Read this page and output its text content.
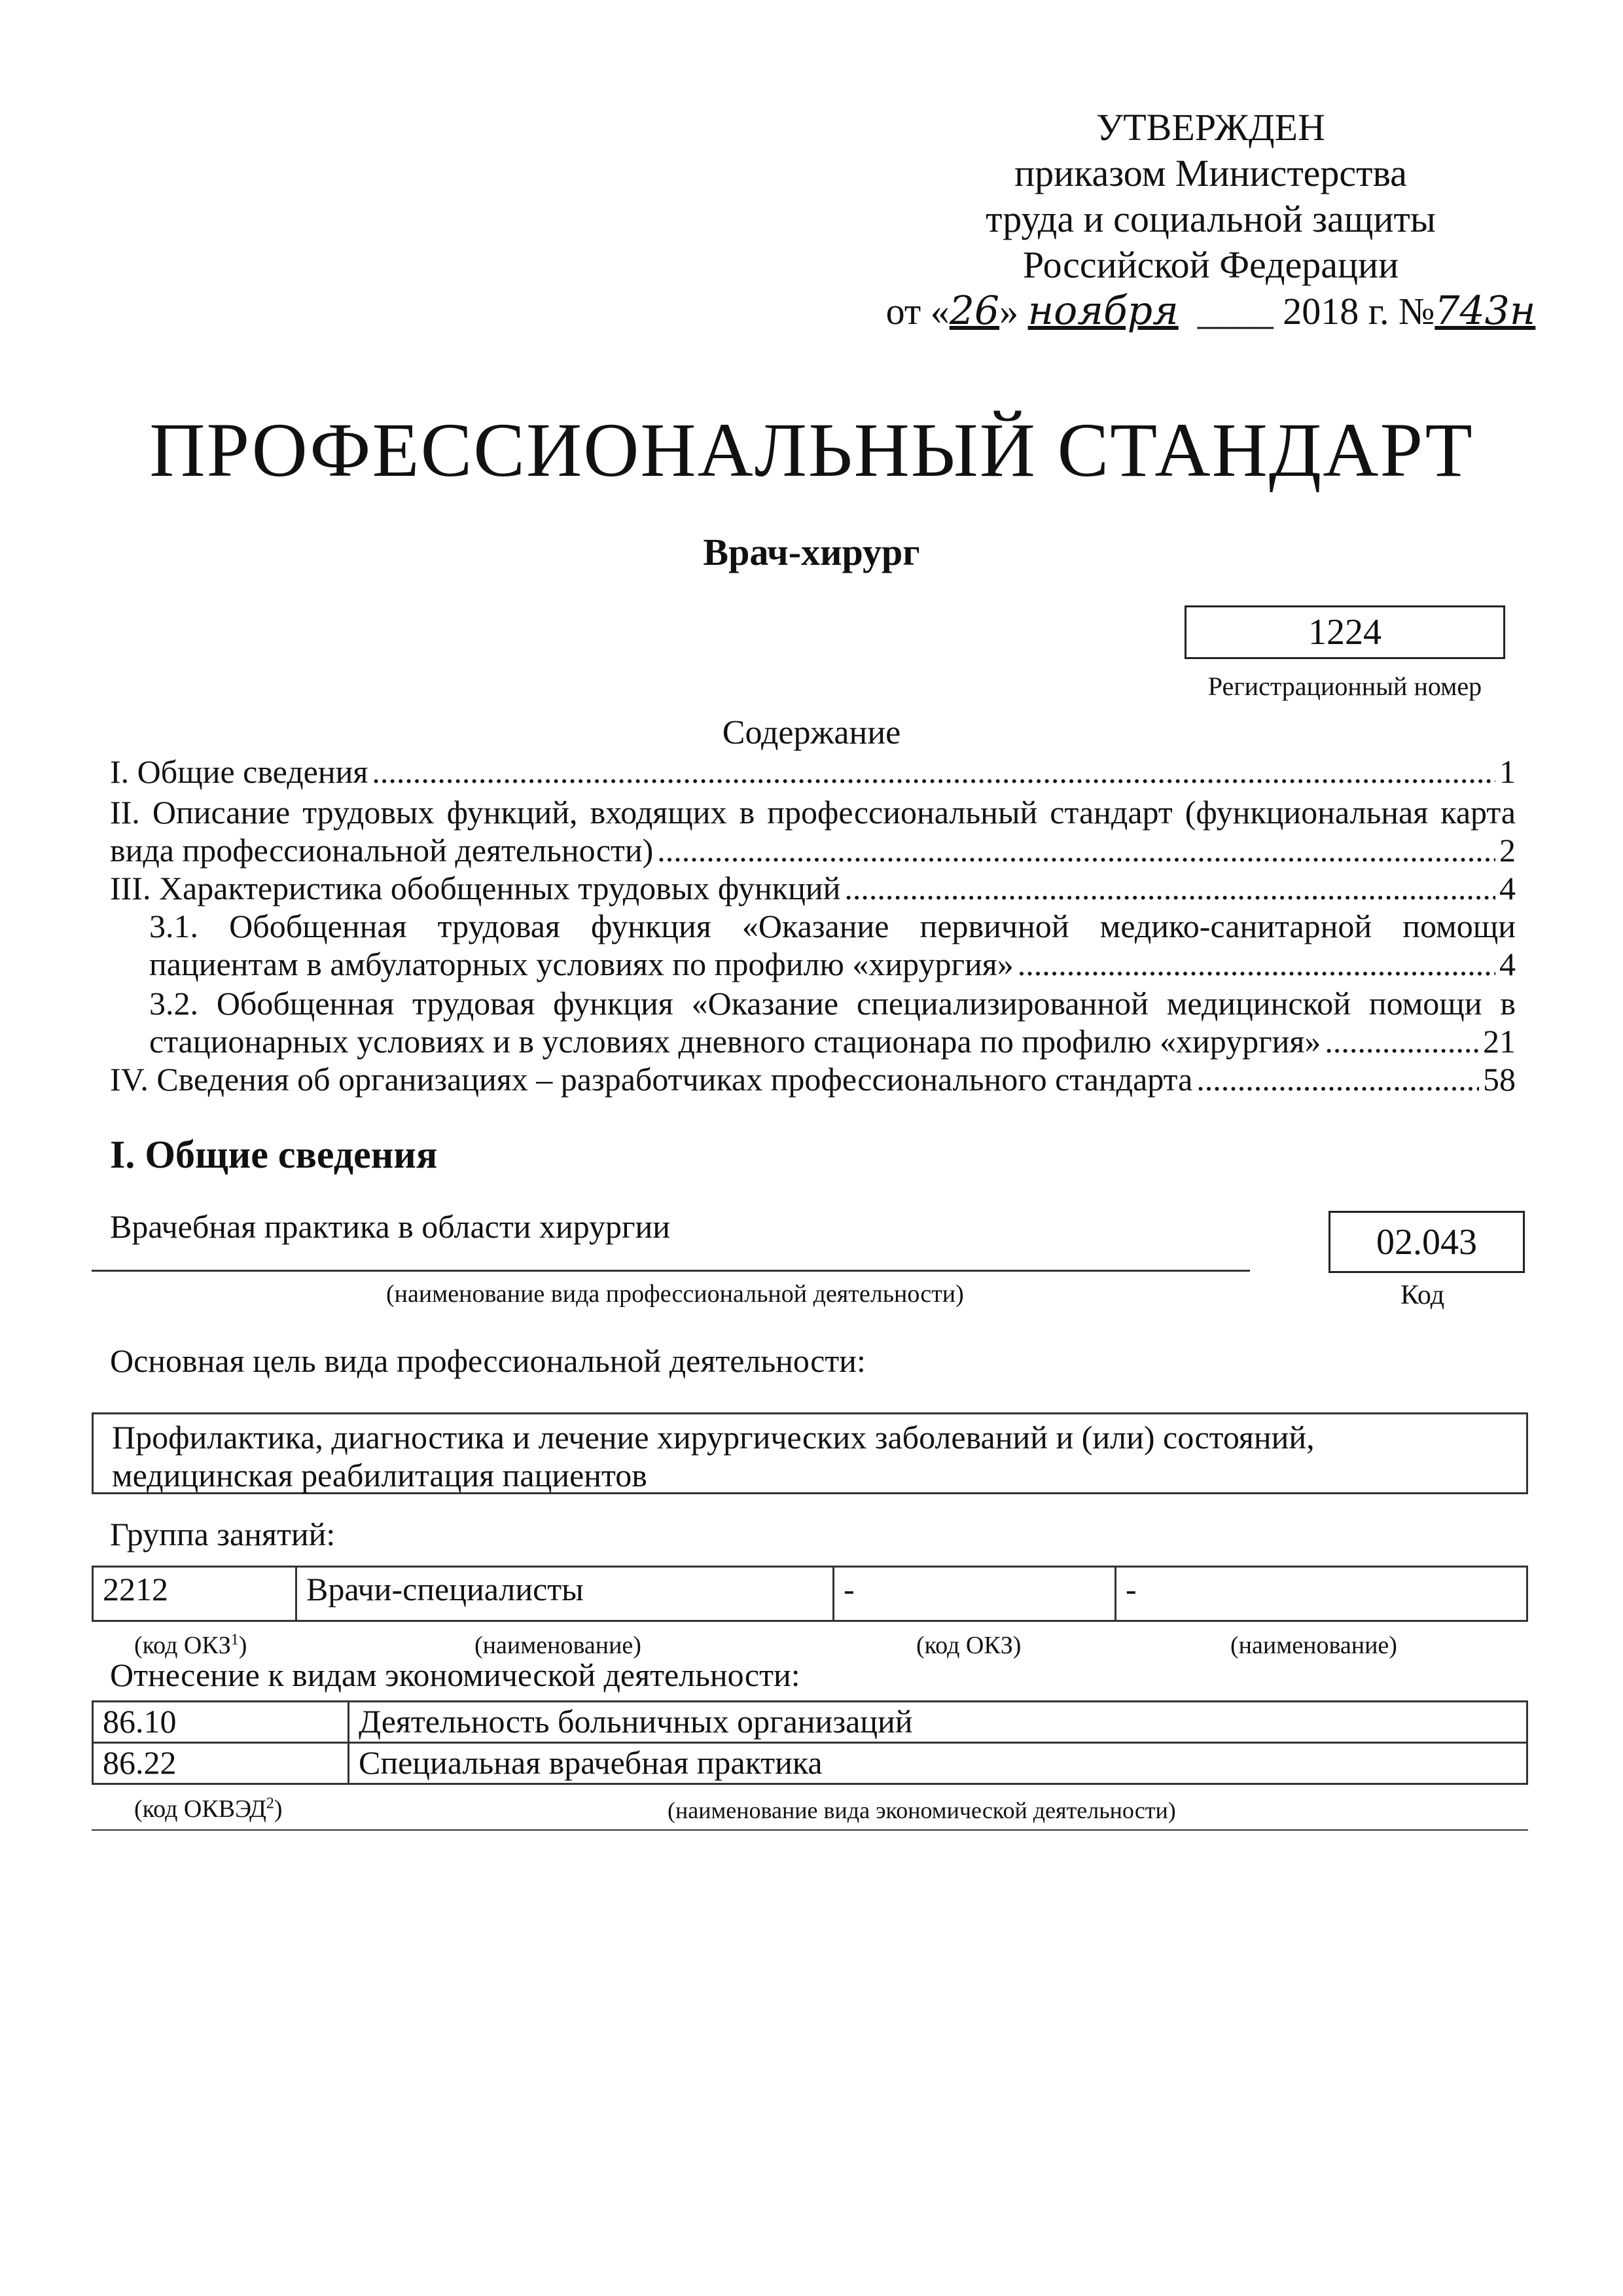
УТВЕРЖДЕН
приказом Министерства
труда и социальной защиты
Российской Федерации
от «26» ноября  ____ 2018 г. №743н
ПРОФЕССИОНАЛЬНЫЙ СТАНДАРТ
Врач-хирург
1224
Регистрационный номер
Содержание
I. Общие сведения .....	1
II. Описание трудовых функций, входящих в профессиональный стандарт (функциональная карта
вида профессиональной деятельности) .....	2
III. Характеристика обобщенных трудовых функций .....	4
3.1. Обобщенная трудовая функция «Оказание первичной медико-санитарной помощи
пациентам в амбулаторных условиях по профилю «хирургия» .....	4
3.2. Обобщенная трудовая функция «Оказание специализированной медицинской помощи в
стационарных условиях и в условиях дневного стационара по профилю «хирургия» .....	21
IV. Сведения об организациях – разработчиках профессионального стандарта .....	58
I. Общие сведения
Врачебная практика в области хирургии	02.043
(наименование вида профессиональной деятельности)	Код
Основная цель вида профессиональной деятельности:
Профилактика, диагностика и лечение хирургических заболеваний и (или) состояний,
медицинская реабилитация пациентов
Группа занятий:
2212	Врачи-специалисты	-	-
(код ОКЗ$^1$)	(наименование)	(код ОКЗ)	(наименование)
Отнесение к видам экономической деятельности:
86.10	Деятельность больничных организаций
86.22	Специальная врачебная практика
(код ОКВЭД$^2$)	(наименование вида экономической деятельности)
